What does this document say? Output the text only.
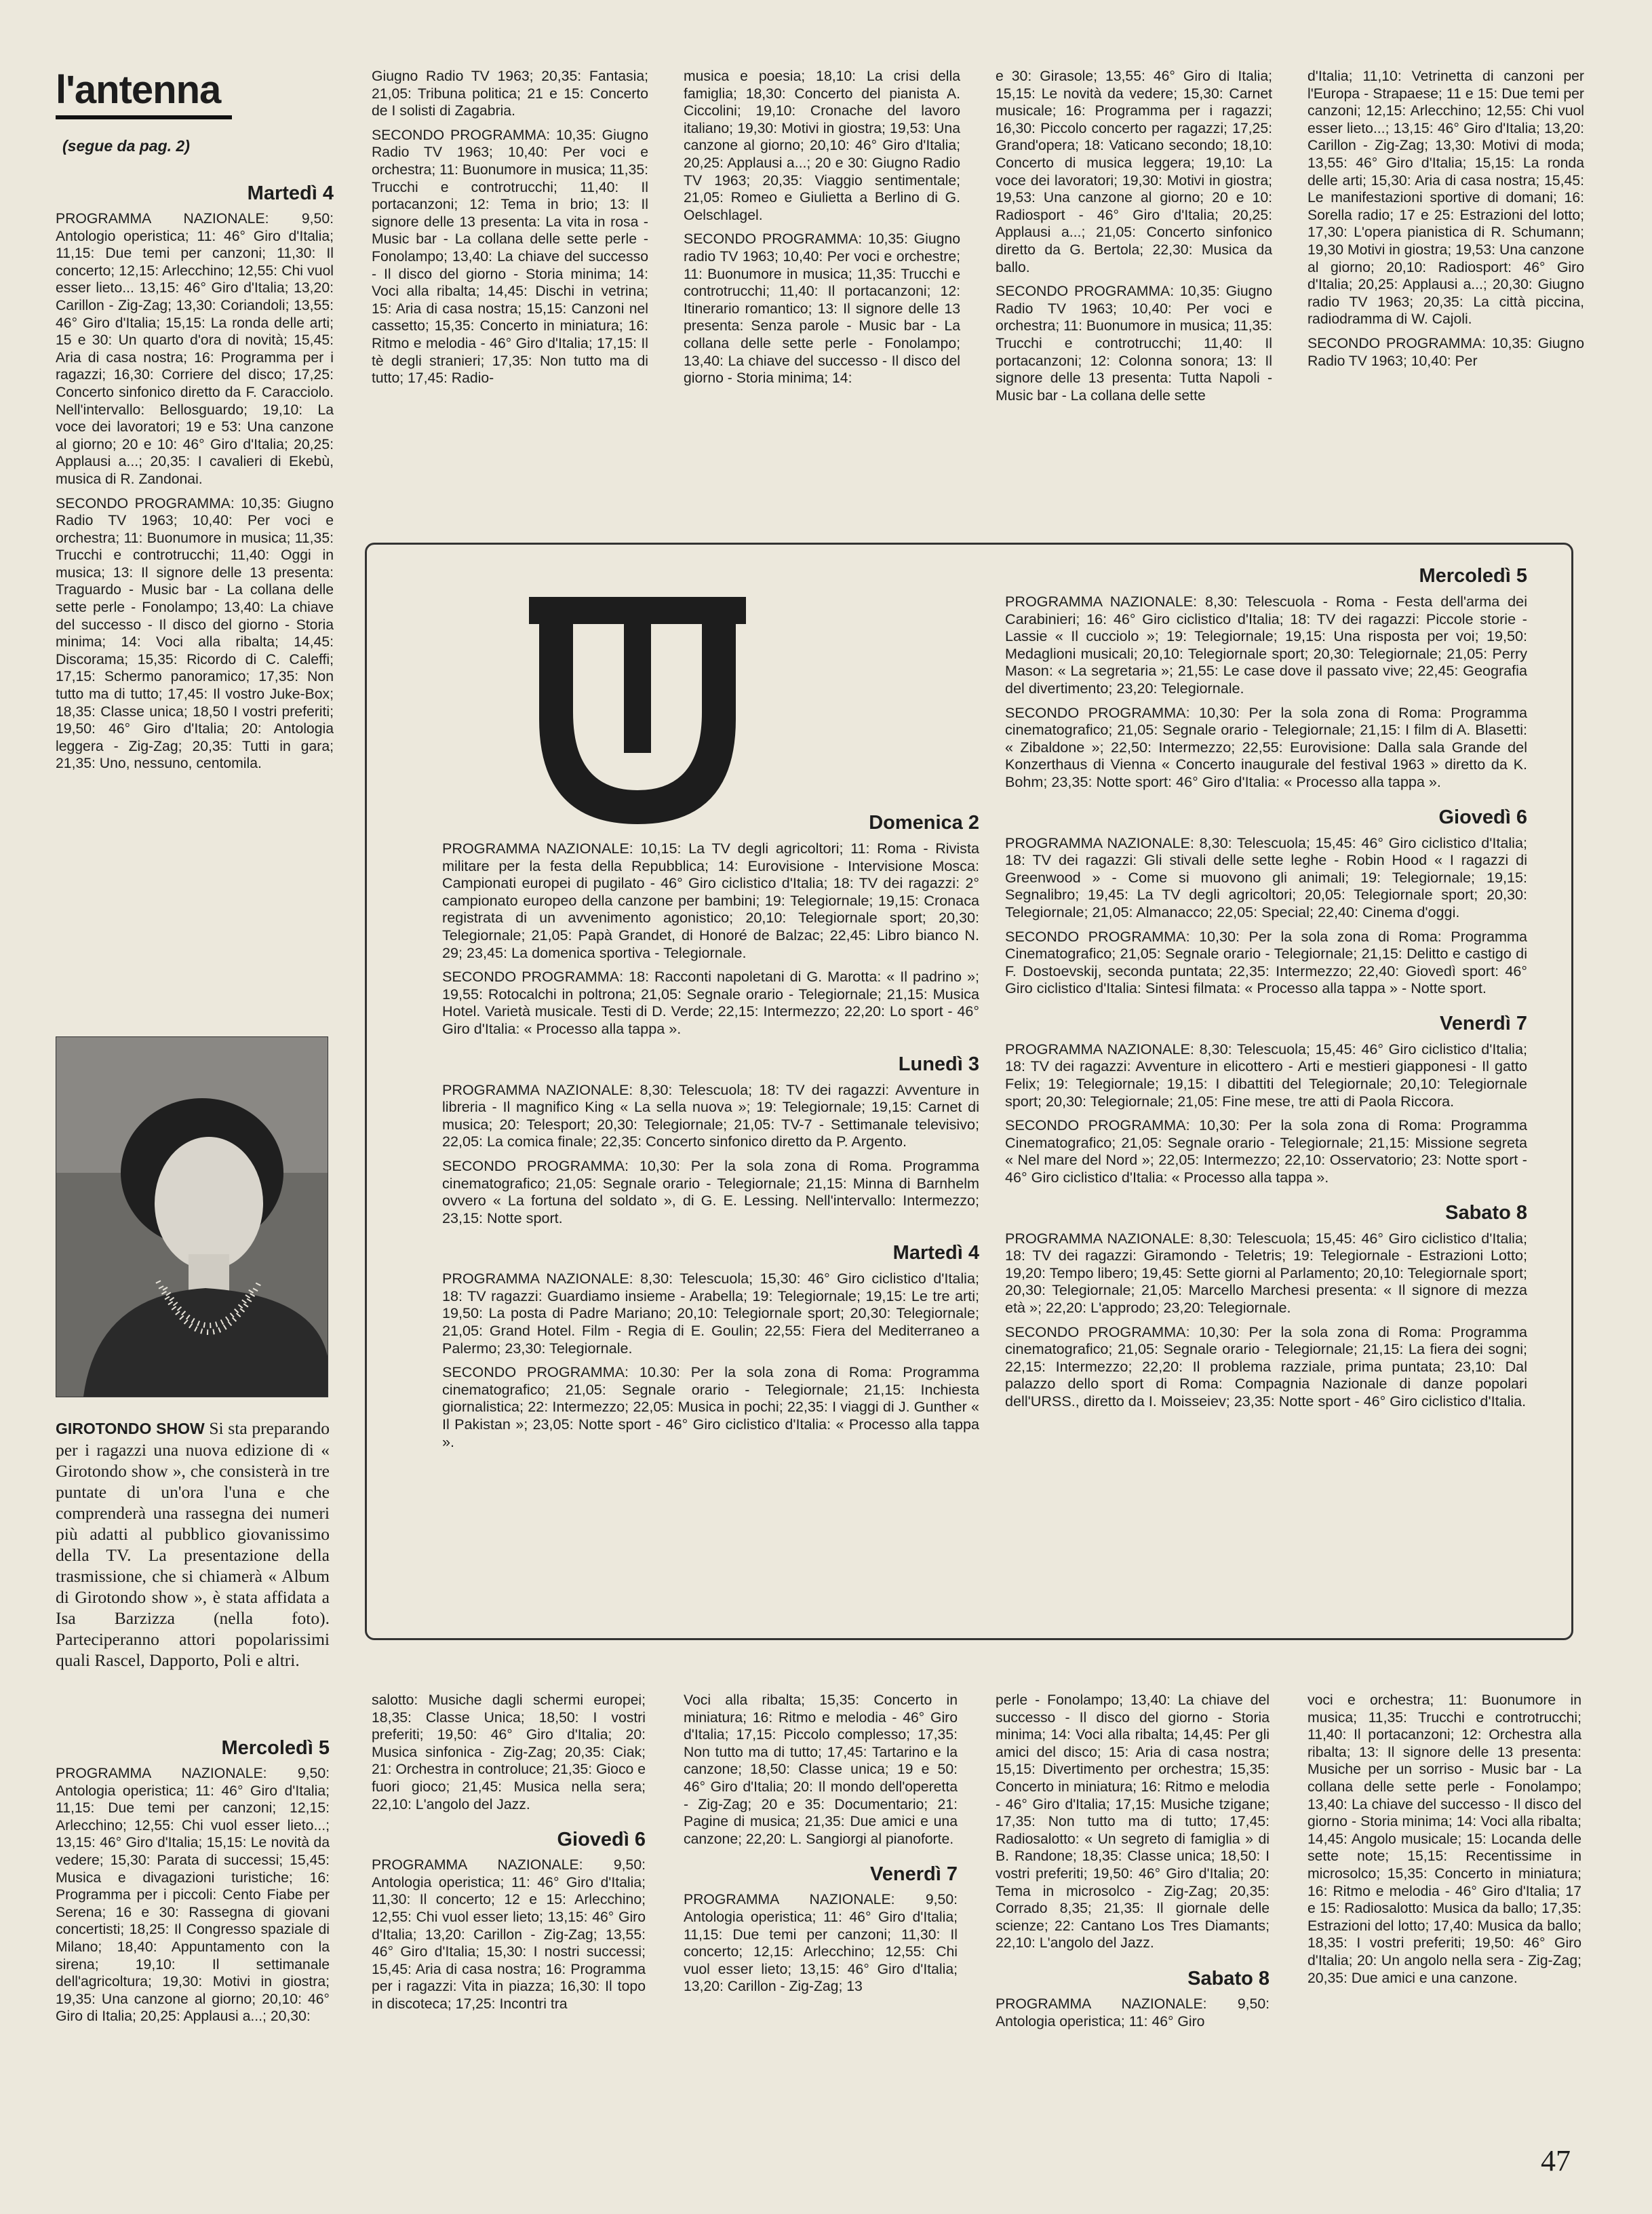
l'antenna
(segue da pag. 2)
Martedì 4

PROGRAMMA NAZIONALE: 9,50: Antologio operistica; 11: 46° Giro d'Italia; 11,15: Due temi per canzoni; 11,30: Il concerto; 12,15: Arlecchino; 12,55: Chi vuol esser lieto... 13,15: 46° Giro d'Italia; 13,20: Carillon - Zig-Zag; 13,30: Coriandoli; 13,55: 46° Giro d'Italia; 15,15: La ronda delle arti; 15 e 30: Un quarto d'ora di novità; 15,45: Aria di casa nostra; 16: Programma per i ragazzi; 16,30: Corriere del disco; 17,25: Concerto sinfonico diretto da F. Caracciolo. Nell'intervallo: Bellosguardo; 19,10: La voce dei lavoratori; 19 e 53: Una canzone al giorno; 20 e 10: 46° Giro d'Italia; 20,25: Applausi a...; 20,35: I cavalieri di Ekebù, musica di R. Zandonai.

SECONDO PROGRAMMA: 10,35: Giugno Radio TV 1963; 10,40: Per voci e orchestra; 11: Buonumore in musica; 11,35: Trucchi e controtrucchi; 11,40: Oggi in musica; 13: Il signore delle 13 presenta: Traguardo - Music bar - La collana delle sette perle - Fonolampo; 13,40: La chiave del successo - Il disco del giorno - Storia minima; 14: Voci alla ribalta; 14,45: Discorama; 15,35: Ricordo di C. Caleffi; 17,15: Schermo panoramico; 17,35: Non tutto ma di tutto; 17,45: Il vostro Juke-Box; 18,35: Classe unica; 18,50 I vostri preferiti; 19,50: 46° Giro d'Italia; 20: Antologia leggera - Zig-Zag; 20,35: Tutti in gara; 21,35: Uno, nessuno, centomila.

Giugno Radio TV 1963; 20,35: Fantasia; 21,05: Tribuna politica; 21 e 15: Concerto de I solisti di Zagabria.

SECONDO PROGRAMMA: 10,35: Giugno Radio TV 1963; 10,40: Per voci e orchestra; 11: Buonumore in musica; 11,35: Trucchi e controtrucchi; 11,40: Il portacanzoni; 12: Tema in brio; 13: Il signore delle 13 presenta: La vita in rosa - Music bar - La collana delle sette perle - Fonolampo; 13,40: La chiave del successo - Il disco del giorno - Storia minima; 14: Voci alla ribalta; 14,45: Dischi in vetrina; 15: Aria di casa nostra; 15,15: Canzoni nel cassetto; 15,35: Concerto in miniatura; 16: Ritmo e melodia - 46° Giro d'Italia; 17,15: Il tè degli stranieri; 17,35: Non tutto ma di tutto; 17,45: Radio-

musica e poesia; 18,10: La crisi della famiglia; 18,30: Concerto del pianista A. Ciccolini; 19,10: Cronache del lavoro italiano; 19,30: Motivi in giostra; 19,53: Una canzone al giorno; 20,10: 46° Giro d'Italia; 20,25: Applausi a...; 20 e 30: Giugno Radio TV 1963; 20,35: Viaggio sentimentale; 21,05: Romeo e Giulietta a Berlino di G. Oelschlagel.

SECONDO PROGRAMMA: 10,35: Giugno radio TV 1963; 10,40: Per voci e orchestre; 11: Buonumore in musica; 11,35: Trucchi e controtrucchi; 11,40: Il portacanzoni; 12: Itinerario romantico; 13: Il signore delle 13 presenta: Senza parole - Music bar - La collana delle sette perle - Fonolampo; 13,40: La chiave del successo - Il disco del giorno - Storia minima; 14:

e 30: Girasole; 13,55: 46° Giro di Italia; 15,15: Le novità da vedere; 15,30: Carnet musicale; 16: Programma per i ragazzi; 16,30: Piccolo concerto per ragazzi; 17,25: Grand'opera; 18: Vaticano secondo; 18,10: Concerto di musica leggera; 19,10: La voce dei lavoratori; 19,30: Motivi in giostra; 19,53: Una canzone al giorno; 20 e 10: Radiosport - 46° Giro d'Italia; 20,25: Applausi a...; 21,05: Concerto sinfonico diretto da G. Bertola; 22,30: Musica da ballo.

SECONDO PROGRAMMA: 10,35: Giugno Radio TV 1963; 10,40: Per voci e orchestra; 11: Buonumore in musica; 11,35: Trucchi e controtrucchi; 11,40: Il portacanzoni; 12: Colonna sonora; 13: Il signore delle 13 presenta: Tutta Napoli - Music bar - La collana delle sette

d'Italia; 11,10: Vetrinetta di canzoni per l'Europa - Strapaese; 11 e 15: Due temi per canzoni; 12,15: Arlecchino; 12,55: Chi vuol esser lieto...; 13,15: 46° Giro d'Italia; 13,20: Carillon - Zig-Zag; 13,30: Motivi di moda; 13,55: 46° Giro d'Italia; 15,15: La ronda delle arti; 15,30: Aria di casa nostra; 15,45: Le manifestazioni sportive di domani; 16: Sorella radio; 17 e 25: Estrazioni del lotto; 17,30: L'opera pianistica di R. Schumann; 19,30 Motivi in giostra; 19,53: Una canzone al giorno; 20,10: Radiosport: 46° Giro d'Italia; 20,25: Applausi a...; 20,30: Giugno radio TV 1963; 20,35: La città piccina, radiodramma di W. Cajoli.

SECONDO PROGRAMMA: 10,35: Giugno Radio TV 1963; 10,40: Per

Domenica 2

PROGRAMMA NAZIONALE: 10,15: La TV degli agricoltori; 11: Roma - Rivista militare per la festa della Repubblica; 14: Eurovisione - Intervisione Mosca: Campionati europei di pugilato - 46° Giro ciclistico d'Italia; 18: TV dei ragazzi: 2° campionato europeo della canzone per bambini; 19: Telegiornale; 19,15: Cronaca registrata di un avvenimento agonistico; 20,10: Telegiornale sport; 20,30: Telegiornale; 21,05: Papà Grandet, di Honoré de Balzac; 22,45: Libro bianco N. 29; 23,45: La domenica sportiva - Telegiornale.

SECONDO PROGRAMMA: 18: Racconti napoletani di G. Marotta: « Il padrino »; 19,55: Rotocalchi in poltrona; 21,05: Segnale orario - Telegiornale; 21,15: Musica Hotel. Varietà musicale. Testi di D. Verde; 22,15: Intermezzo; 22,20: Lo sport - 46° Giro d'Italia: « Processo alla tappa ».

Lunedì 3

PROGRAMMA NAZIONALE: 8,30: Telescuola; 18: TV dei ragazzi: Avventure in libreria - Il magnifico King « La sella nuova »; 19: Telegiornale; 19,15: Carnet di musica; 20: Telesport; 20,30: Telegiornale; 21,05: TV-7 - Settimanale televisivo; 22,05: La comica finale; 22,35: Concerto sinfonico diretto da P. Argento.

SECONDO PROGRAMMA: 10,30: Per la sola zona di Roma. Programma cinematografico; 21,05: Segnale orario - Telegiornale; 21,15: Minna di Barnhelm ovvero « La fortuna del soldato », di G. E. Lessing. Nell'intervallo: Intermezzo; 23,15: Notte sport.

Martedì 4

PROGRAMMA NAZIONALE: 8,30: Telescuola; 15,30: 46° Giro ciclistico d'Italia; 18: TV ragazzi: Guardiamo insieme - Arabella; 19: Telegiornale; 19,15: Le tre arti; 19,50: La posta di Padre Mariano; 20,10: Telegiornale sport; 20,30: Telegiornale; 21,05: Grand Hotel. Film - Regia di E. Goulin; 22,55: Fiera del Mediterraneo a Palermo; 23,30: Telegiornale.

SECONDO PROGRAMMA: 10.30: Per la sola zona di Roma: Programma cinematografico; 21,05: Segnale orario - Telegiornale; 21,15: Inchiesta giornalistica; 22: Intermezzo; 22,05: Musica in pochi; 22,35: I viaggi di J. Gunther « Il Pakistan »; 23,05: Notte sport - 46° Giro ciclistico d'Italia: « Processo alla tappa ».

Mercoledì 5

PROGRAMMA NAZIONALE: 8,30: Telescuola - Roma - Festa dell'arma dei Carabinieri; 16: 46° Giro ciclistico d'Italia; 18: TV dei ragazzi: Piccole storie - Lassie « Il cucciolo »; 19: Telegiornale; 19,15: Una risposta per voi; 19,50: Medaglioni musicali; 20,10: Telegiornale sport; 20,30: Telegiornale; 21,05: Perry Mason: « La segretaria »; 21,55: Le case dove il passato vive; 22,45: Geografia del divertimento; 23,20: Telegiornale.

SECONDO PROGRAMMA: 10,30: Per la sola zona di Roma: Programma cinematografico; 21,05: Segnale orario - Telegiornale; 21,15: I film di A. Blasetti: « Zibaldone »; 22,50: Intermezzo; 22,55: Eurovisione: Dalla sala Grande del Konzerthaus di Vienna « Concerto inaugurale del festival 1963 » diretto da K. Bohm; 23,35: Notte sport: 46° Giro d'Italia: « Processo alla tappa ».

Giovedì 6

PROGRAMMA NAZIONALE: 8,30: Telescuola; 15,45: 46° Giro ciclistico d'Italia; 18: TV dei ragazzi: Gli stivali delle sette leghe - Robin Hood « I ragazzi di Greenwood » - Come si muovono gli animali; 19: Telegiornale; 19,15: Segnalibro; 19,45: La TV degli agricoltori; 20,05: Telegiornale sport; 20,30: Telegiornale; 21,05: Almanacco; 22,05: Special; 22,40: Cinema d'oggi.

SECONDO PROGRAMMA: 10,30: Per la sola zona di Roma: Programma Cinematografico; 21,05: Segnale orario - Telegiornale; 21,15: Delitto e castigo di F. Dostoevskij, seconda puntata; 22,35: Intermezzo; 22,40: Giovedì sport: 46° Giro ciclistico d'Italia: Sintesi filmata: « Processo alla tappa » - Notte sport.

Venerdì 7

PROGRAMMA NAZIONALE: 8,30: Telescuola; 15,45: 46° Giro ciclistico d'Italia; 18: TV dei ragazzi: Avventure in elicottero - Arti e mestieri giapponesi - Il gatto Felix; 19: Telegiornale; 19,15: I dibattiti del Telegiornale; 20,10: Telegiornale sport; 20,30: Telegiornale; 21,05: Fine mese, tre atti di Paola Riccora.

SECONDO PROGRAMMA: 10,30: Per la sola zona di Roma: Programma Cinematografico; 21,05: Segnale orario - Telegiornale; 21,15: Missione segreta « Nel mare del Nord »; 22,05: Intermezzo; 22,10: Osservatorio; 23: Notte sport - 46° Giro ciclistico d'Italia: « Processo alla tappa ».

Sabato 8

PROGRAMMA NAZIONALE: 8,30: Telescuola; 15,45: 46° Giro ciclistico d'Italia; 18: TV dei ragazzi: Giramondo - Teletris; 19: Telegiornale - Estrazioni Lotto; 19,20: Tempo libero; 19,45: Sette giorni al Parlamento; 20,10: Telegiornale sport; 20,30: Telegiornale; 21,05: Marcello Marchesi presenta: « Il signore di mezza età »; 22,20: L'approdo; 23,20: Telegiornale.

SECONDO PROGRAMMA: 10,30: Per la sola zona di Roma: Programma cinematografico; 21,05: Segnale orario - Telegiornale; 21,15: La fiera dei sogni; 22,15: Intermezzo; 22,20: Il problema razziale, prima puntata; 23,10: Dal palazzo dello sport di Roma: Compagnia Nazionale di danze popolari dell'URSS., diretto da I. Moisseiev; 23,35: Notte sport - 46° Giro ciclistico d'Italia.

GIROTONDO SHOW Si sta preparando per i ragazzi una nuova edizione di « Girotondo show », che consisterà in tre puntate di un'ora l'una e che comprenderà una rassegna dei numeri più adatti al pubblico giovanissimo della TV. La presentazione della trasmissione, che si chiamerà « Album di Girotondo show », è stata affidata a Isa Barzizza (nella foto). Parteciperanno attori popolarissimi quali Rascel, Dapporto, Poli e altri.

Mercoledì 5

PROGRAMMA NAZIONALE: 9,50: Antologia operistica; 11: 46° Giro d'Italia; 11,15: Due temi per canzoni; 12,15: Arlecchino; 12,55: Chi vuol esser lieto...; 13,15: 46° Giro d'Italia; 15,15: Le novità da vedere; 15,30: Parata di successi; 15,45: Musica e divagazioni turistiche; 16: Programma per i piccoli: Cento Fiabe per Serena; 16 e 30: Rassegna di giovani concertisti; 18,25: Il Congresso spaziale di Milano; 18,40: Appuntamento con la sirena; 19,10: Il settimanale dell'agricoltura; 19,30: Motivi in giostra; 19,35: Una canzone al giorno; 20,10: 46° Giro di Italia; 20,25: Applausi a...; 20,30:

salotto: Musiche dagli schermi europei; 18,35: Classe Unica; 18,50: I vostri preferiti; 19,50: 46° Giro d'Italia; 20: Musica sinfonica - Zig-Zag; 20,35: Ciak; 21: Orchestra in controluce; 21,35: Gioco e fuori gioco; 21,45: Musica nella sera; 22,10: L'angolo del Jazz.

Giovedì 6

PROGRAMMA NAZIONALE: 9,50: Antologia operistica; 11: 46° Giro d'Italia; 11,30: Il concerto; 12 e 15: Arlecchino; 12,55: Chi vuol esser lieto; 13,15: 46° Giro d'Italia; 13,20: Carillon - Zig-Zag; 13,55: 46° Giro d'Italia; 15,30: I nostri successi; 15,45: Aria di casa nostra; 16: Programma per i ragazzi: Vita in piazza; 16,30: Il topo in discoteca; 17,25: Incontri tra

Voci alla ribalta; 15,35: Concerto in miniatura; 16: Ritmo e melodia - 46° Giro d'Italia; 17,15: Piccolo complesso; 17,35: Non tutto ma di tutto; 17,45: Tartarino e la canzone; 18,50: Classe unica; 19 e 50: 46° Giro d'Italia; 20: Il mondo dell'operetta - Zig-Zag; 20 e 35: Documentario; 21: Pagine di musica; 21,35: Due amici e una canzone; 22,20: L. Sangiorgi al pianoforte.

Venerdì 7

PROGRAMMA NAZIONALE: 9,50: Antologia operistica; 11: 46° Giro d'Italia; 11,15: Due temi per canzoni; 11,30: Il concerto; 12,15: Arlecchino; 12,55: Chi vuol esser lieto; 13,15: 46° Giro d'Italia; 13,20: Carillon - Zig-Zag; 13

perle - Fonolampo; 13,40: La chiave del successo - Il disco del giorno - Storia minima; 14: Voci alla ribalta; 14,45: Per gli amici del disco; 15: Aria di casa nostra; 15,15: Divertimento per orchestra; 15,35: Concerto in miniatura; 16: Ritmo e melodia - 46° Giro d'Italia; 17,15: Musiche tzigane; 17,35: Non tutto ma di tutto; 17,45: Radiosalotto: « Un segreto di famiglia » di B. Randone; 18,35: Classe unica; 18,50: I vostri preferiti; 19,50: 46° Giro d'Italia; 20: Tema in microsolco - Zig-Zag; 20,35: Corrado 8,35; 21,35: Il giornale delle scienze; 22: Cantano Los Tres Diamants; 22,10: L'angolo del Jazz.

Sabato 8

PROGRAMMA NAZIONALE: 9,50: Antologia operistica; 11: 46° Giro

voci e orchestra; 11: Buonumore in musica; 11,35: Trucchi e controtrucchi; 11,40: Il portacanzoni; 12: Orchestra alla ribalta; 13: Il signore delle 13 presenta: Musiche per un sorriso - Music bar - La collana delle sette perle - Fonolampo; 13,40: La chiave del successo - Il disco del giorno - Storia minima; 14: Voci alla ribalta; 14,45: Angolo musicale; 15: Locanda delle sette note; 15,15: Recentissime in microsolco; 15,35: Concerto in miniatura; 16: Ritmo e melodia - 46° Giro d'Italia; 17 e 15: Radiosalotto: Musica da ballo; 17,35: Estrazioni del lotto; 17,40: Musica da ballo; 18,35: I vostri preferiti; 19,50: 46° Giro d'Italia; 20: Un angolo nella sera - Zig-Zag; 20,35: Due amici e una canzone.

47
